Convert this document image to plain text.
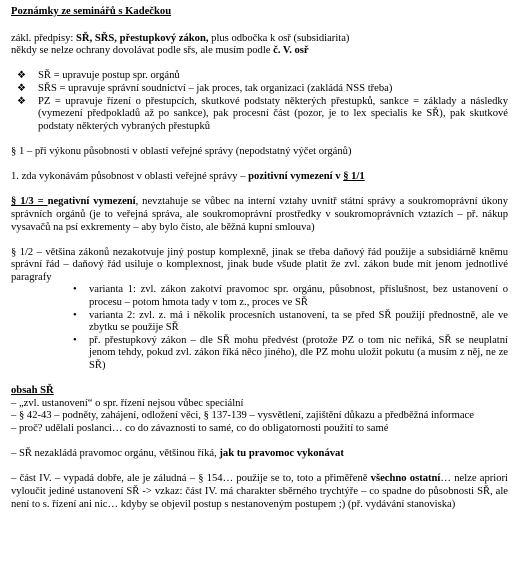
Poznámky ze seminářů s Kadečkou

zákl. předpisy: SŘ, SŘS, přestupkový zákon, plus odbočka k osř (subsidiarita)

někdy se nelze ochrany dovolávat podle sřs, ale musím podle č. V. osř

❖ SŘ = upravuje postup spr. orgánů
❖ SŘS = upravuje správní soudnictví – jak proces, tak organizaci (zakládá NSS třeba)
❖ PZ = upravuje řízení o přestupcích, skutkové podstaty některých přestupků, sankce = základy a následky (vymezení předpokladů až po sankce), pak procesní část (pozor, je to lex specialis ke SŘ), pak skutkové podstaty některých vybraných přestupků

§ 1 – při výkonu působnosti v oblasti veřejné správy (nepodstatný výčet orgánů)

1. zda vykonávám působnost v oblasti veřejné správy – pozitivní vymezení v § 1/1

§ 1/3 = negativní vymezení, nevztahuje se vůbec na interní vztahy uvnitř státní správy a soukromoprávní úkony správních orgánů (je to veřejná správa, ale soukromoprávní prostředky v soukromoprávních vztazích – př. nákup vysavačů na psí exkrementy – aby bylo čisto, ale běžná kupní smlouva)

§ 1/2 – většina zákonů nezakotvuje jiný postup komplexně, jinak se třeba daňový řád použije a subsidiárně kněmu správní řád – daňový řád usiluje o komplexnost, jinak bude všude platit že zvl. zákon bude mít jenom jednotlivé paragrafy

• varianta 1: zvl. zákon zakotví pravomoc spr. orgánu, působnost, příslušnost, bez ustanovení o procesu – potom hmota tady v tom z., proces ve SŘ
• varianta 2: zvl. z. má i několik procesních ustanovení, ta se před SŘ použijí přednostně, ale ve zbytku se použije SŘ
• př. přestupkový zákon – dle SŘ mohu předvést (protože PZ o tom nic neříká, SŘ se neuplatní jenom tehdy, pokud zvl. zákon říká něco jiného), dle PZ mohu uložit pokutu (a musím z něj, ne ze SŘ)

obsah SŘ

– „zvl. ustanovení“ o spr. řízení nejsou vůbec speciální

– § 42-43 – podněty, zahájení, odložení věci, § 137-139 – vysvětlení, zajištění důkazu a předběžná informace

– proč? udělali poslanci… co do závaznosti to samé, co do obligatornosti použití to samé

– SŘ nezakládá pravomoc orgánu, většinou říká, jak tu pravomoc vykonávat

– část IV. – vypadá dobře, ale je záludná – § 154… použije se to, toto a přiměřeně všechno ostatní… nelze apriori vyloučit jediné ustanovení SŘ -> vzkaz: část IV. má charakter sběrného trychtýře – co spadne do působnosti SŘ, ale není to s. řízení ani nic… kdyby se objevil postup s nestanoveným postupem ;) (př. vydávání stanoviska)
